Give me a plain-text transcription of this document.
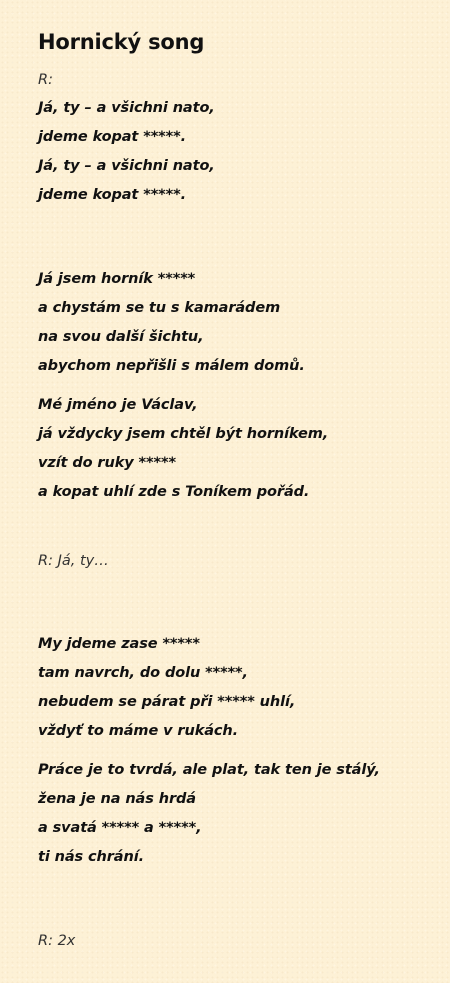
Hornický song
R:
Já, ty – a všichni nato,
jdeme kopat *****.
Já, ty – a všichni nato,
jdeme kopat *****.
Já jsem horník *****
a chystám se tu s kamarádem
na svou další šichtu,
abychom nepřišli s málem domů.
Mé jméno je Václav,
já vždycky jsem chtěl být horníkem,
vzít do ruky *****
a kopat uhlí zde s Toníkem pořád.
R: Já, ty…
My jdeme zase *****
tam navrch, do dolu *****,
nebudem se párat při ***** uhlí,
vždyť to máme v rukách.
Práce je to tvrdá, ale plat, tak ten je stálý,
žena je na nás hrdá
a svatá ***** a *****,
ti nás chrání.
R: 2x
